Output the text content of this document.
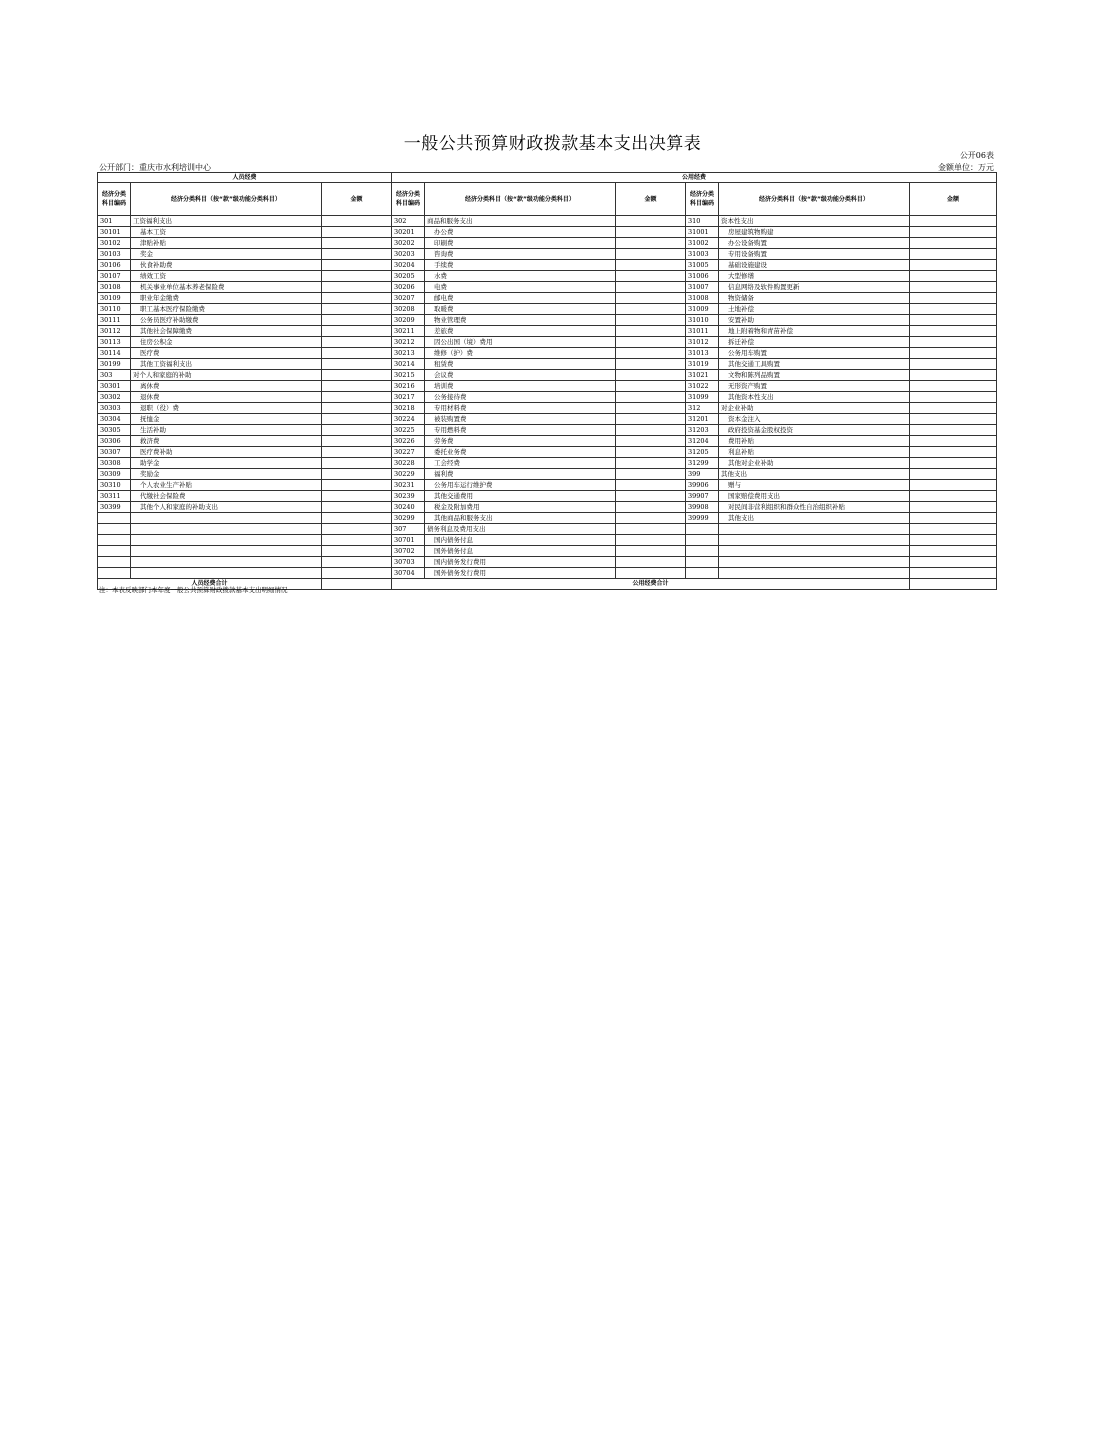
一般公共预算财政拨款基本支出决算表
公开06表
公开部门：重庆市水利培训中心	金额单位：万元
人员经费			公用经费					
经济分类科目编码	经济分类科目（按“款”级功能分类科目）	金额	经济分类科目编码	经济分类科目（按“款”级功能分类科目）	金额	经济分类科目编码	经济分类科目（按“款”级功能分类科目）	金额
301	工资福利支出		302	商品和服务支出		310	资本性支出	
30101	基本工资		30201	办公费		31001	房屋建筑物购建	
30102	津贴补贴		30202	印刷费		31002	办公设备购置	
30103	奖金		30203	咨询费		31003	专用设备购置	
30106	伙食补助费		30204	手续费		31005	基础设施建设	
30107	绩效工资		30205	水费		31006	大型修缮	
30108	机关事业单位基本养老保险费		30206	电费		31007	信息网络及软件购置更新	
30109	职业年金缴费		30207	邮电费		31008	物资储备	
30110	职工基本医疗保险缴费		30208	取暖费		31009	土地补偿	
30111	公务员医疗补助缴费		30209	物业管理费		31010	安置补助	
30112	其他社会保障缴费		30211	差旅费		31011	地上附着物和青苗补偿	
30113	住房公积金		30212	因公出国（境）费用		31012	拆迁补偿	
30114	医疗费		30213	维修（护）费		31013	公务用车购置	
30199	其他工资福利支出		30214	租赁费		31019	其他交通工具购置	
303	对个人和家庭的补助		30215	会议费		31021	文物和陈列品购置	
30301	离休费		30216	培训费		31022	无形资产购置	
30302	退休费		30217	公务接待费		31099	其他资本性支出	
30303	退职（役）费		30218	专用材料费		312	对企业补助	
30304	抚恤金		30224	被装购置费		31201	资本金注入	
30305	生活补助		30225	专用燃料费		31203	政府投资基金股权投资	
30306	救济费		30226	劳务费		31204	费用补贴	
30307	医疗费补助		30227	委托业务费		31205	利息补贴	
30308	助学金		30228	工会经费		31299	其他对企业补助	
30309	奖励金		30229	福利费		399	其他支出	
30310	个人农业生产补贴		30231	公务用车运行维护费		39906	赠与	
30311	代缴社会保险费		30239	其他交通费用		39907	国家赔偿费用支出	
30399	其他个人和家庭的补助支出		30240	税金及附加费用		39908	对民间非营利组织和群众性自治组织补贴	
			30299	其他商品和服务支出		39999	其他支出	
			307	债务利息及费用支出				
			30701	国内债务付息				
			30702	国外债务付息				
			30703	国内债务发行费用				
			30704	国外债务发行费用				
人员经费合计			公用经费合计					
注：本表反映部门本年度一般公共预算财政拨款基本支出明细情况
